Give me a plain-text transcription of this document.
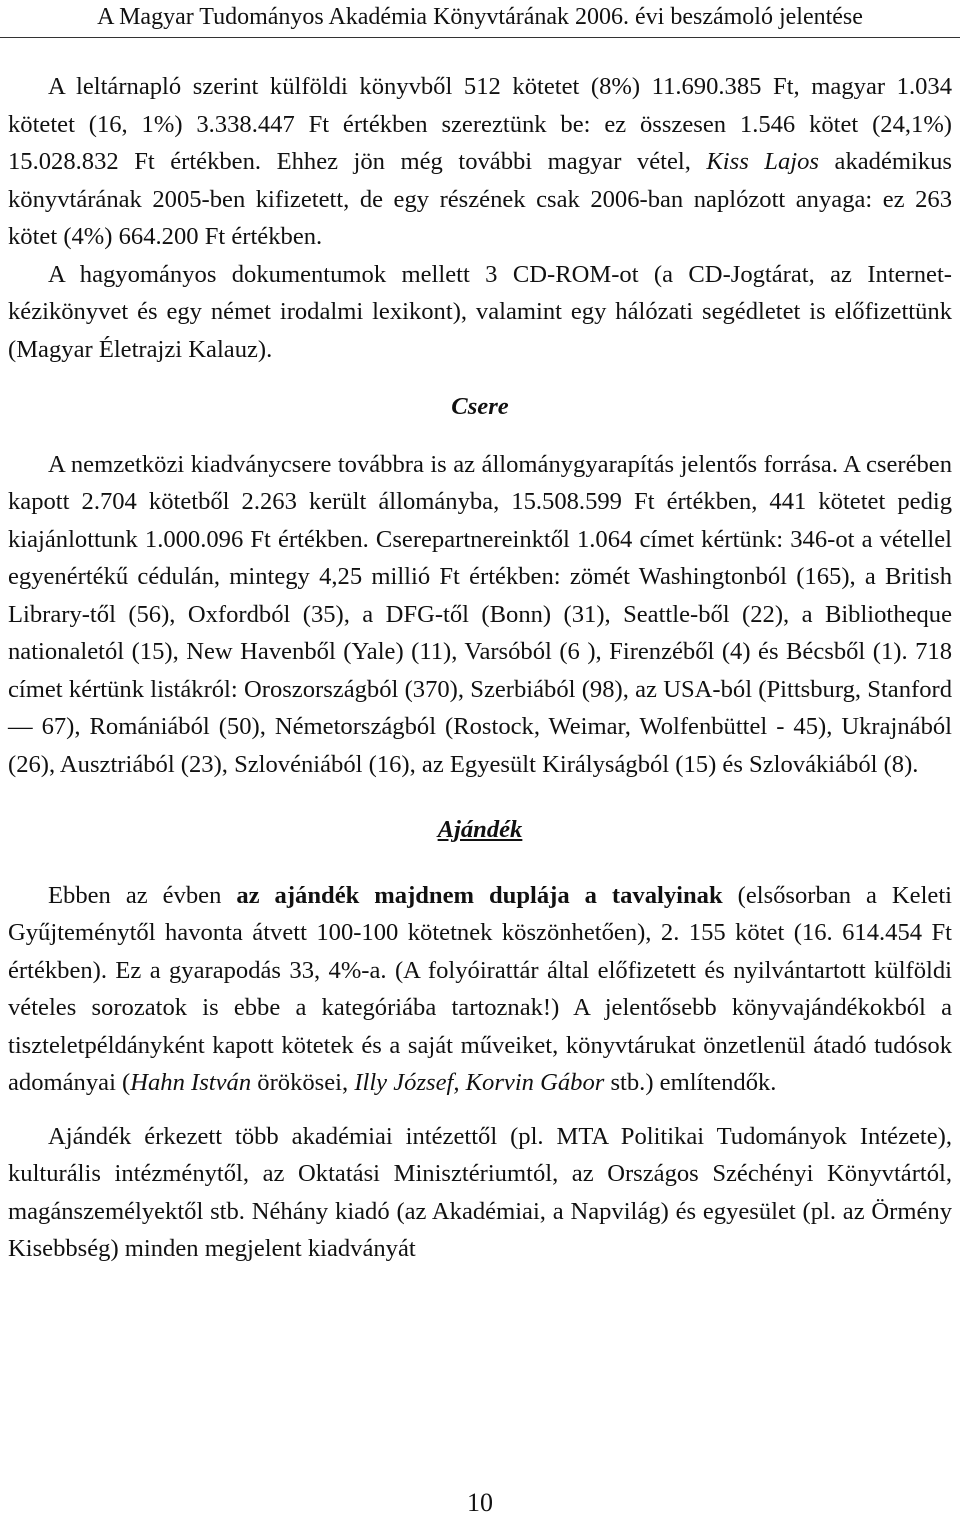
A Magyar Tudományos Akadémia Könyvtárának 2006. évi beszámoló jelentése

A leltárnapló szerint külföldi könyvből 512 kötetet (8%) 11.690.385 Ft, magyar 1.034 kötetet (16, 1%) 3.338.447 Ft értékben szereztünk be: ez összesen 1.546 kötet (24,1%) 15.028.832 Ft értékben. Ehhez jön még további magyar vétel, Kiss Lajos akadémikus könyvtárának 2005-ben kifizetett, de egy részének csak 2006-ban naplózott anyaga: ez 263 kötet (4%) 664.200 Ft értékben.

A hagyományos dokumentumok mellett 3 CD-ROM-ot (a CD-Jogtárat, az Internet-kézikönyvet és egy német irodalmi lexikont), valamint egy hálózati segédletet is előfizettünk (Magyar Életrajzi Kalauz).

Csere

A nemzetközi kiadványcsere továbbra is az állománygyarapítás jelentős forrása. A cserében kapott 2.704 kötetből 2.263 került állományba, 15.508.599 Ft értékben, 441 kötetet pedig kiajánlottunk 1.000.096 Ft értékben. Cserepartnereinktől 1.064 címet kértünk: 346-ot a vétellel egyenértékű cédulán, mintegy 4,25 millió Ft értékben: zömét Washingtonból (165), a British Library-től (56), Oxfordból (35), a DFG-től (Bonn) (31), Seattle-ből (22), a Bibliotheque nationaletól (15), New Havenből (Yale) (11), Varsóból (6 ), Firenzéből (4) és Bécsből (1). 718 címet kértünk listákról: Oroszországból (370), Szerbiából (98), az USA-ból (Pittsburg, Stanford — 67), Romániából (50), Németországból (Rostock, Weimar, Wolfenbüttel - 45), Ukrajnából (26), Ausztriából (23), Szlovéniából (16), az Egyesült Királyságból (15) és Szlovákiából (8).

Ajándék

Ebben az évben az ajándék majdnem duplája a tavalyinak (elsősorban a Keleti Gyűjteménytől havonta átvett 100-100 kötetnek köszönhetően), 2. 155 kötet (16. 614.454 Ft értékben). Ez a gyarapodás 33, 4%-a. (A folyóirattár által előfizetett és nyilvántartott külföldi vételes sorozatok is ebbe a kategóriába tartoznak!) A jelentősebb könyvajándékokból a tiszteletpéldányként kapott kötetek és a saját műveiket, könyvtárukat önzetlenül átadó tudósok adományai (Hahn István örökösei, Illy József, Korvin Gábor stb.) említendők.

Ajándék érkezett több akadémiai intézettől (pl. MTA Politikai Tudományok Intézete), kulturális intézménytől, az Oktatási Minisztériumtól, az Országos Széchényi Könyvtártól, magánszemélyektől stb. Néhány kiadó (az Akadémiai, a Napvilág) és egyesület (pl. az Örmény Kisebbség) minden megjelent kiadványát

10
